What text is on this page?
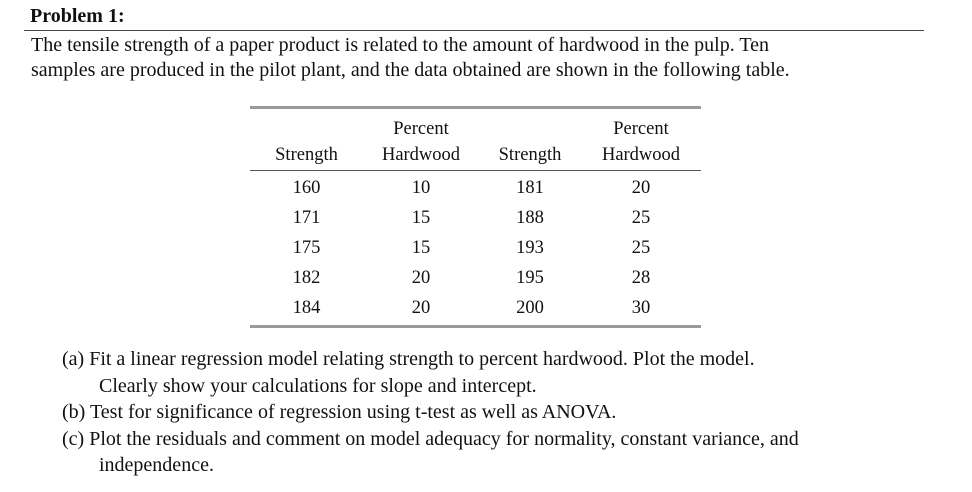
Problem 1:
The tensile strength of a paper product is related to the amount of hardwood in the pulp. Ten
samples are produced in the pilot plant, and the data obtained are shown in the following table.
	Percent		Percent
Strength	Hardwood	Strength	Hardwood
160	10	181	20
171	15	188	25
175	15	193	25
182	20	195	28
184	20	200	30
(a) Fit a linear regression model relating strength to percent hardwood. Plot the model.
Clearly show your calculations for slope and intercept.
(b) Test for significance of regression using t-test as well as ANOVA.
(c) Plot the residuals and comment on model adequacy for normality, constant variance, and
independence.
